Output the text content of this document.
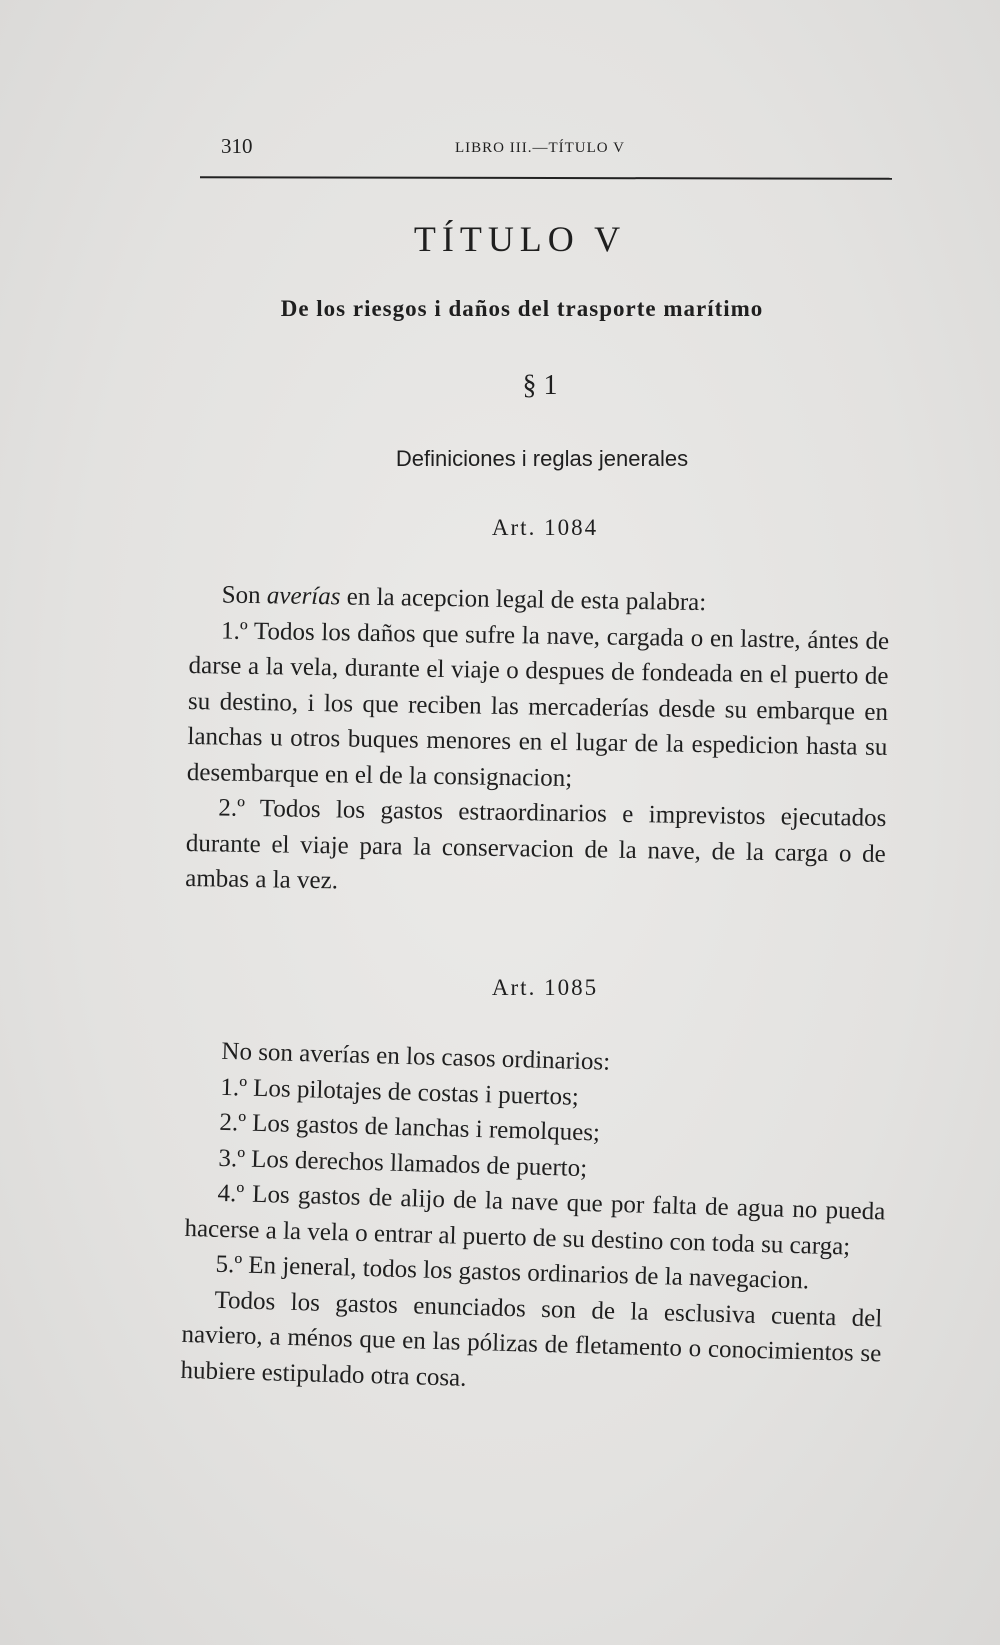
310	LIBRO III.—TÍTULO V
TÍTULO V
De los riesgos i daños del trasporte marítimo
§ 1
Definiciones i reglas jenerales
Art. 1084

Son averías en la acepcion legal de esta palabra:

1.º Todos los daños que sufre la nave, cargada o en lastre, ántes de darse a la vela, durante el viaje o despues de fondeada en el puerto de su destino, i los que reciben las mercaderías desde su embarque en lanchas u otros buques menores en el lugar de la espedicion hasta su desembarque en el de la consignacion;

2.º Todos los gastos estraordinarios e imprevistos ejecutados durante el viaje para la conservacion de la nave, de la carga o de ambas a la vez.

Art. 1085

No son averías en los casos ordinarios:

1.º Los pilotajes de costas i puertos;

2.º Los gastos de lanchas i remolques;

3.º Los derechos llamados de puerto;

4.º Los gastos de alijo de la nave que por falta de agua no pueda hacerse a la vela o entrar al puerto de su destino con toda su carga;

5.º En jeneral, todos los gastos ordinarios de la navegacion.

Todos los gastos enunciados son de la esclusiva cuenta del naviero, a ménos que en las pólizas de fletamento o conocimientos se hubiere estipulado otra cosa.
